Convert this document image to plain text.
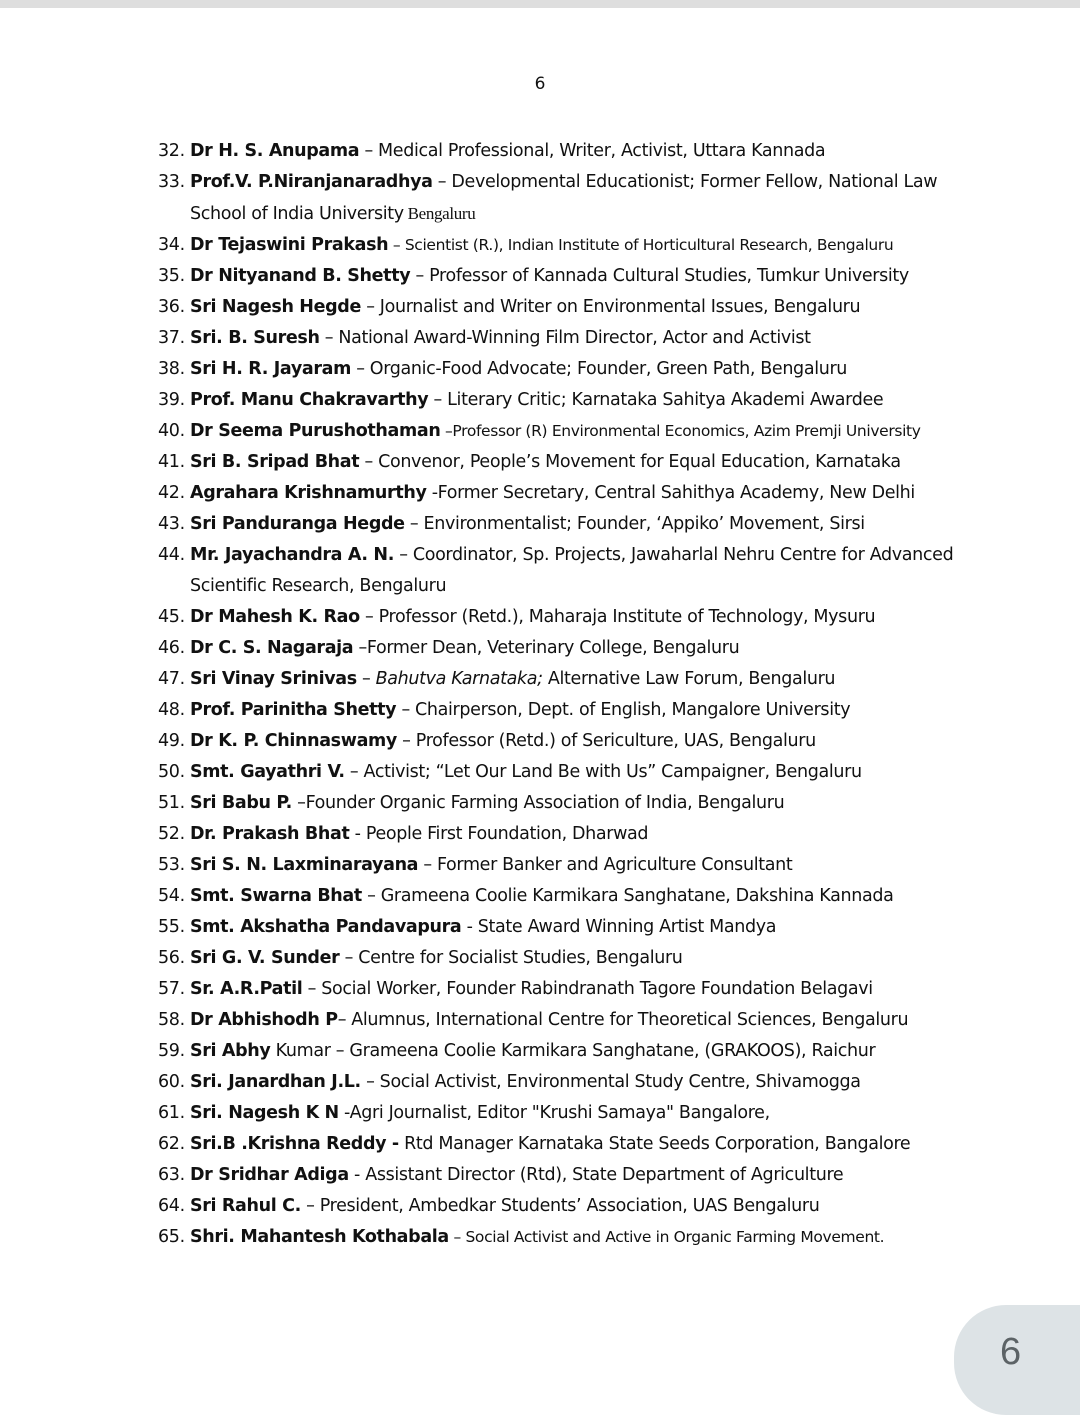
6
32. Dr H. S. Anupama – Medical Professional, Writer, Activist, Uttara Kannada
33. Prof.V. P.Niranjanaradhya – Developmental Educationist; Former Fellow, National Law School of India University Bengaluru
34. Dr Tejaswini Prakash – Scientist (R.), Indian Institute of Horticultural Research, Bengaluru
35. Dr Nityanand B. Shetty – Professor of Kannada Cultural Studies, Tumkur University
36. Sri Nagesh Hegde – Journalist and Writer on Environmental Issues, Bengaluru
37. Sri. B. Suresh – National Award-Winning Film Director, Actor and Activist
38. Sri H. R. Jayaram – Organic-Food Advocate; Founder, Green Path, Bengaluru
39. Prof. Manu Chakravarthy – Literary Critic; Karnataka Sahitya Akademi Awardee
40. Dr Seema Purushothaman –Professor (R) Environmental Economics, Azim Premji University
41. Sri B. Sripad Bhat – Convenor, People’s Movement for Equal Education, Karnataka
42. Agrahara Krishnamurthy -Former Secretary, Central Sahithya Academy, New Delhi
43. Sri Panduranga Hegde – Environmentalist; Founder, ‘Appiko’ Movement, Sirsi
44. Mr. Jayachandra A. N. – Coordinator, Sp. Projects, Jawaharlal Nehru Centre for Advanced Scientific Research, Bengaluru
45. Dr Mahesh K. Rao – Professor (Retd.), Maharaja Institute of Technology, Mysuru
46. Dr C. S. Nagaraja –Former Dean, Veterinary College, Bengaluru
47. Sri Vinay Srinivas – Bahutva Karnataka; Alternative Law Forum, Bengaluru
48. Prof. Parinitha Shetty – Chairperson, Dept. of English, Mangalore University
49. Dr K. P. Chinnaswamy – Professor (Retd.) of Sericulture, UAS, Bengaluru
50. Smt. Gayathri V. – Activist; “Let Our Land Be with Us” Campaigner, Bengaluru
51. Sri Babu P. –Founder Organic Farming Association of India, Bengaluru
52. Dr. Prakash Bhat - People First Foundation, Dharwad
53. Sri S. N. Laxminarayana – Former Banker and Agriculture Consultant
54. Smt. Swarna Bhat – Grameena Coolie Karmikara Sanghatane, Dakshina Kannada
55. Smt. Akshatha Pandavapura - State Award Winning Artist Mandya
56. Sri G. V. Sunder – Centre for Socialist Studies, Bengaluru
57. Sr. A.R.Patil – Social Worker, Founder Rabindranath Tagore Foundation Belagavi
58. Dr Abhishodh P– Alumnus, International Centre for Theoretical Sciences, Bengaluru
59. Sri Abhy Kumar – Grameena Coolie Karmikara Sanghatane, (GRAKOOS), Raichur
60. Sri. Janardhan J.L. – Social Activist, Environmental Study Centre, Shivamogga
61. Sri. Nagesh K N -Agri Journalist, Editor "Krushi Samaya" Bangalore,
62. Sri.B .Krishna Reddy - Rtd Manager Karnataka State Seeds Corporation, Bangalore
63. Dr Sridhar Adiga - Assistant Director (Rtd), State Department of Agriculture
64. Sri Rahul C. – President, Ambedkar Students’ Association, UAS Bengaluru
65. Shri. Mahantesh Kothabala – Social Activist and Active in Organic Farming Movement.
6
